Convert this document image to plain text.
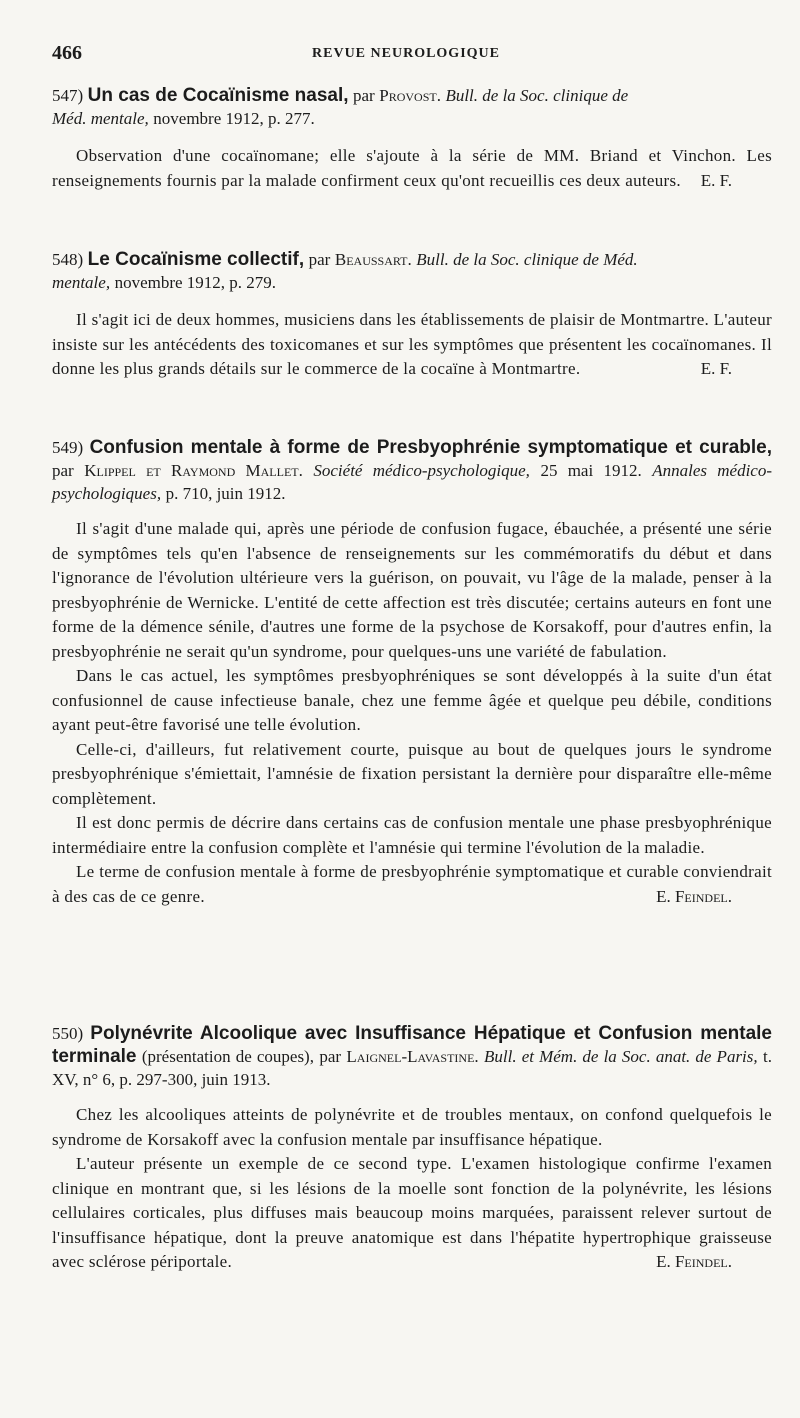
466	REVUE NEUROLOGIQUE

547) Un cas de Cocaïnisme nasal, par Provost. Bull. de la Soc. clinique de
Méd. mentale, novembre 1912, p. 277.

Observation d'une cocaïnomane; elle s'ajoute à la série de MM. Briand et Vinchon. Les renseignements fournis par la malade confirment ceux qu'ont recueillis ces deux auteurs.	E. F.

548) Le Cocaïnisme collectif, par Beaussart. Bull. de la Soc. clinique de Méd.
mentale, novembre 1912, p. 279.

Il s'agit ici de deux hommes, musiciens dans les établissements de plaisir de Montmartre. L'auteur insiste sur les antécédents des toxicomanes et sur les symptômes que présentent les cocaïnomanes. Il donne les plus grands détails sur le commerce de la cocaïne à Montmartre.	E. F.

549) Confusion mentale à forme de Presbyophrénie symptomatique et curable, par Klippel et Raymond Mallet. Société médico-psychologique, 25 mai 1912. Annales médico-psychologiques, p. 710, juin 1912.

Il s'agit d'une malade qui, après une période de confusion fugace, ébauchée, a présenté une série de symptômes tels qu'en l'absence de renseignements sur les commémoratifs du début et dans l'ignorance de l'évolution ultérieure vers la guérison, on pouvait, vu l'âge de la malade, penser à la presbyophrénie de Wernicke. L'entité de cette affection est très discutée; certains auteurs en font une forme de la démence sénile, d'autres une forme de la psychose de Korsakoff, pour d'autres enfin, la presbyophrénie ne serait qu'un syndrome, pour quelques-uns une variété de fabulation.

Dans le cas actuel, les symptômes presbyophréniques se sont développés à la suite d'un état confusionnel de cause infectieuse banale, chez une femme âgée et quelque peu débile, conditions ayant peut-être favorisé une telle évolution.

Celle-ci, d'ailleurs, fut relativement courte, puisque au bout de quelques jours le syndrome presbyophrénique s'émiettait, l'amnésie de fixation persistant la dernière pour disparaître elle-même complètement.

Il est donc permis de décrire dans certains cas de confusion mentale une phase presbyophrénique intermédiaire entre la confusion complète et l'amnésie qui termine l'évolution de la maladie.

Le terme de confusion mentale à forme de presbyophrénie symptomatique et curable conviendrait à des cas de ce genre.	E. Feindel.

550) Polynévrite Alcoolique avec Insuffisance Hépatique et Confusion mentale terminale (présentation de coupes), par Laignel-Lavastine. Bull. et Mém. de la Soc. anat. de Paris, t. XV, n° 6, p. 297-300, juin 1913.

Chez les alcooliques atteints de polynévrite et de troubles mentaux, on confond quelquefois le syndrome de Korsakoff avec la confusion mentale par insuffisance hépatique.

L'auteur présente un exemple de ce second type. L'examen histologique confirme l'examen clinique en montrant que, si les lésions de la moelle sont fonction de la polynévrite, les lésions cellulaires corticales, plus diffuses mais beaucoup moins marquées, paraissent relever surtout de l'insuffisance hépatique, dont la preuve anatomique est dans l'hépatite hypertrophique graisseuse avec sclérose périportale.	E. Feindel.
